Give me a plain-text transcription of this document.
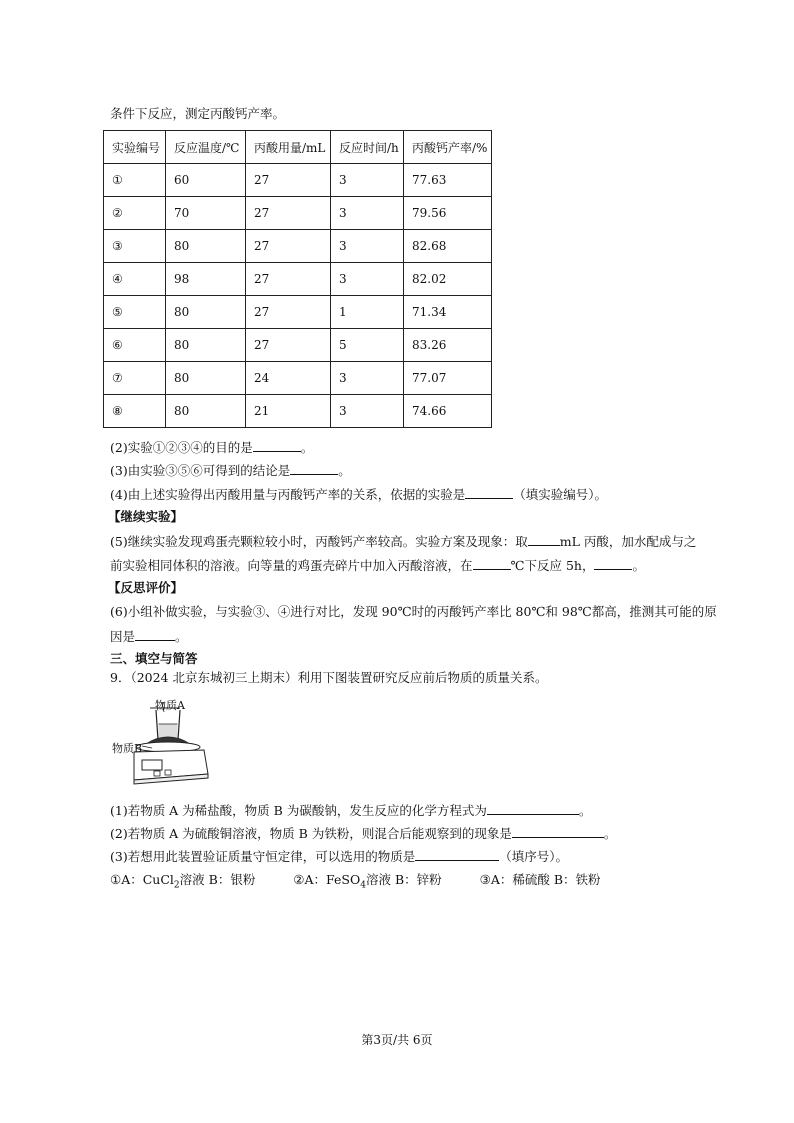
条件下反应，测定丙酸钙产率。
实验编号	反应温度/℃	丙酸用量/mL	反应时间/h	丙酸钙产率/%
①	60	27	3	77.63
②	70	27	3	79.56
③	80	27	3	82.68
④	98	27	3	82.02
⑤	80	27	1	71.34
⑥	80	27	5	83.26
⑦	80	24	3	77.07
⑧	80	21	3	74.66
(2)实验①②③④的目的是	。
(3)由实验③⑤⑥可得到的结论是	。
(4)由上述实验得出丙酸用量与丙酸钙产率的关系，依据的实验是	（填实验编号）。
【继续实验】
(5)继续实验发现鸡蛋壳颗粒较小时，丙酸钙产率较高。实验方案及现象：取	mL 丙酸，加水配成与之
前实验相同体积的溶液。向等量的鸡蛋壳碎片中加入丙酸溶液，在	℃下反应 5h，	。
【反思评价】
(6)小组补做实验，与实验③、④进行对比，发现 90℃时的丙酸钙产率比 80℃和 98℃都高，推测其可能的原
因是	。
三、填空与简答
9．（2024 北京东城初三上期末）利用下图装置研究反应前后物质的质量关系。
物质A
物质B
(1)若物质 A 为稀盐酸，物质 B 为碳酸钠，发生反应的化学方程式为	。
(2)若物质 A 为硫酸铜溶液，物质 B 为铁粉，则混合后能观察到的现象是	。
(3)若想用此装置验证质量守恒定律，可以选用的物质是	（填序号）。
①A：CuCl$_2$溶液 B：银粉	②A：FeSO$_4$溶液 B：锌粉	③A：稀硫酸 B：铁粉
第3页/共 6页
